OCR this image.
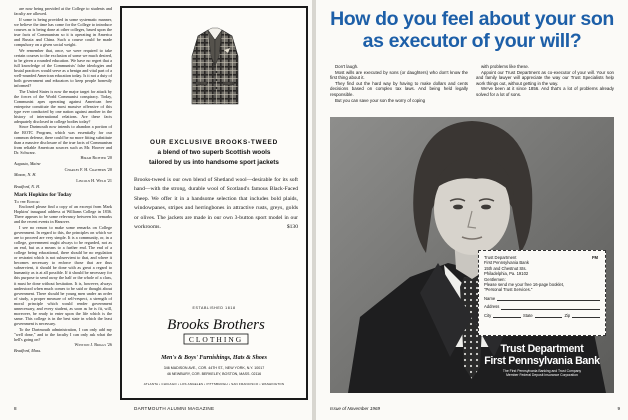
are now being provided at the College to students and faculty are allowed.

If some is being provided in some systematic manner, we believe the time has come for the College to introduce courses as is being done at other colleges, based upon the true facts of Communism so it is operating in America and Russia and China. Such a course could be made compulsory on a given social weight.

We remember that, once, we were required to take certain courses to the exclusion of some we much desired, to be given a rounded education. We have no regret that a full knowledge of the Communists' false ideologies and brutal practices would serve as a benign and vital part of a well-rounded American education today. Is it not a duty of both government and educators to keep people honestly informed?

The United States is now the major target for attack by the forces of the World Communist conspiracy. Today, Communist apes operating against American free enterprise constitute the most massive offensive of this type ever conducted by one nation against another in the history of international relations. Are these facts adequately disclosed in college bodies today?

Since Dartmouth now intends to abandon a portion of the ROTC Program, which was essentially for our common defense, there could be no more fitting substitute than a massive disclosure of the true facts of Communism from reliable American sources such as Mr. Hoover and Dr. Schwarz.

Hiram Richter '20

Augusta, Maine

Charles F. H. Crathern '20

Mason, N. H.

Lincoln H. Weld '21

Bradford, N. H.

Mark Hopkins for Today

To the Editor:

Enclosed please find a copy of an excerpt from Mark Hopkins' inaugural address at Williams College in 1836. There appears to be some relevancy between his remarks and the recent events in Hanover.

I see no reason to make some remarks on College government. In regard to this, the principles on which we are to proceed are very simple. It is a community, or, in a college, government ought always to be regarded, not as an end, but as a means to a further end. The end of a college being educational, there should be no regulation or restraint which is not subservient to that, and where it becomes necessary to enforce those that are thus subservient, it should be done with as great a regard to humanity as is at all possible. If it should be necessary for this purpose to send away the half or the whole of a class, it must be done without hesitation. It is, however, always understood when much comes to be said or thought about government. There should be young men under an order of study, a proper measure of self-respect, a strength of moral principle which would render government unnecessary, and every student, as soon as he is fit, will, moreover, be ready to enter upon the life which is the same. This college is in the best state in which the least government is necessary.

To the Dartmouth administration, I can only add my "well done," and to the faculty I can only ask what the hell's going on?

Winston J. Briggs '26

Bradford, Mass.

OUR EXCLUSIVE BROOKS-TWEED
a blend of two superb Scottish wools
tailored by us into handsome sport jackets
Brooks-tweed is our own blend of Shetland wool—desirable for its soft hand—with the strong, durable wool of Scotland's famous Black-Faced Sheep. We offer it in a handsome selection that includes bold plaids, windowpanes, stripes and herringbones in attractive rusts, greys, golds or olives. The jackets are made in our own 3-button sport model in our workrooms.	$130
ESTABLISHED 1818
Brooks Brothers
CLOTHING
Men's & Boys' Furnishings, Hats & Shoes
346 MADISON AVE., COR. 44TH ST., NEW YORK, N.Y. 10017
46 NEWBURY, COR. BERKELEY, BOSTON, MASS. 02116
ATLANTA • CHICAGO • LOS ANGELES • PITTSBURGH • SAN FRANCISCO • WASHINGTON
8	DARTMOUTH ALUMNI MAGAZINE
How do you feel about your son as executor of your will?

Don't laugh.

Most wills are executed by sons (or daughters) who don't know the first thing about it.

They find out the hard way by having to make dollars and cents decisions based on complex tax laws. And being held legally responsible.

But you can save your son the worry of coping

with problems like these.

Appoint our Trust Department as co-executor of your will. Your son and family lawyer will appreciate the way our Trust Specialists help work things out, without getting in the way.

We've been at it since 1856. And that's a lot of problems already solved for a lot of sons.

FM
Trust Department
First Pennsylvania Bank
15th and Chestnut Sts.
Philadelphia, Pa. 19102
Gentlemen:
Please send me your free 16-page booklet,
"Personal Trust Services."
Name
Address
City	State	Zip
Trust Department
First Pennsylvania Bank
The First Pennsylvania Banking and Trust Company
Member Federal Deposit Insurance Corporation
Issue of November 1969	9
